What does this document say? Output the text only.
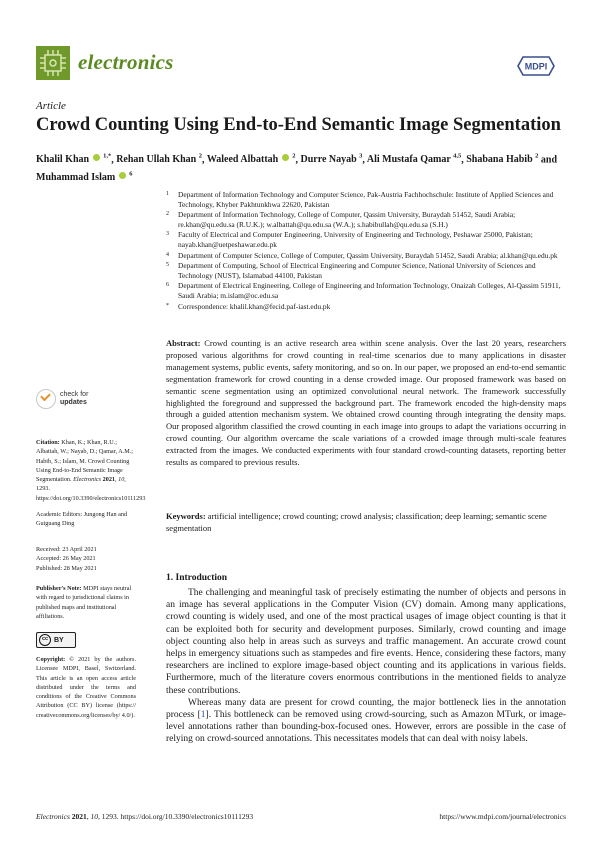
electronics	MDPI
Article
Crowd Counting Using End-to-End Semantic Image Segmentation
Khalil Khan $^{1,*}$, Rehan Ullah Khan $^2$, Waleed Albattah $^2$, Durre Nayab $^3$, Ali Mustafa Qamar $^{4,5}$, Shabana Habib $^2$ and Muhammad Islam $^6$
1	Department of Information Technology and Computer Science, Pak-Austria Fachhochschule: Institute of Applied Sciences and Technology, Khyber Pakhtunkhwa 22620, Pakistan
2	Department of Information Technology, College of Computer, Qassim University, Buraydah 51452, Saudi Arabia; re.khan@qu.edu.sa (R.U.K.); w.albattah@qu.edu.sa (W.A.); s.habibullah@qu.edu.sa (S.H.)
3	Faculty of Electrical and Computer Engineering, University of Engineering and Technology, Peshawar 25000, Pakistan; nayab.khan@uetpeshawar.edu.pk
4	Department of Computer Science, College of Computer, Qassim University, Buraydah 51452, Saudi Arabia; al.khan@qu.edu.pk
5	Department of Computing, School of Electrical Engineering and Computer Science, National University of Sciences and Technology (NUST), Islamabad 44100, Pakistan
6	Department of Electrical Engineering, College of Engineering and Information Technology, Onaizah Colleges, Al-Qassim 51911, Saudi Arabia; m.islam@oc.edu.sa
*	Correspondence: khalil.khan@fecid.paf-iast.edu.pk
Abstract: Crowd counting is an active research area within scene analysis. Over the last 20 years, researchers proposed various algorithms for crowd counting in real-time scenarios due to many applications in disaster management systems, public events, safety monitoring, and so on. In our paper, we proposed an end-to-end semantic segmentation framework for crowd counting in a dense crowded image. Our proposed framework was based on semantic scene segmentation using an optimized convolutional neural network. The framework successfully highlighted the foreground and suppressed the background part. The framework encoded the high-density maps through a guided attention mechanism system. We obtained crowd counting through integrating the density maps. Our proposed algorithm classified the crowd counting in each image into groups to adapt the variations occurring in crowd counting. Our algorithm overcame the scale variations of a crowded image through multi-scale features extracted from the images. We conducted experiments with four standard crowd-counting datasets, reporting better results as compared to previous results.
Keywords: artificial intelligence; crowd counting; crowd analysis; classification; deep learning; semantic scene segmentation
check for
updates
Citation: Khan, K.; Khan, R.U.; Albattah, W.; Nayab, D.; Qamar, A.M.; Habib, S.; Islam, M. Crowd Counting Using End-to-End Semantic Image Segmentation. Electronics 2021, 10, 1293. https://doi.org/10.3390/electronics10111293
Academic Editors: Jungong Han and Guiguang Ding
Received: 23 April 2021
Accepted: 26 May 2021
Published: 28 May 2021
Publisher's Note: MDPI stays neutral with regard to jurisdictional claims in published maps and institutional affiliations.
cc BY
Copyright: © 2021 by the authors. Licensee MDPI, Basel, Switzerland. This article is an open access article distributed under the terms and conditions of the Creative Commons Attribution (CC BY) license (https:// creativecommons.org/licenses/by/ 4.0/).
1. Introduction

The challenging and meaningful task of precisely estimating the number of objects and persons in an image has several applications in the Computer Vision (CV) domain. Among many applications, crowd counting is widely used, and one of the most practical usages of image object counting is that it can be exploited both for security and development purposes. Similarly, crowd counting and image object counting also help in areas such as surveys and traffic management. An accurate crowd count helps in emergency situations such as stampedes and fire events. Hence, considering these factors, many researchers are inclined to explore image-based object counting and its applications in various fields. Furthermore, much of the literature covers enormous contributions in the mentioned fields to analyze these contributions.

Whereas many data are present for crowd counting, the major bottleneck lies in the annotation process [1]. This bottleneck can be removed using crowd-sourcing, such as Amazon MTurk, or image-level annotations rather than bounding-box-focused ones. However, errors are possible in the case of relying on crowd-sourced annotations. This necessitates models that can deal with noisy labels.

Electronics 2021, 10, 1293. https://doi.org/10.3390/electronics10111293	https://www.mdpi.com/journal/electronics
